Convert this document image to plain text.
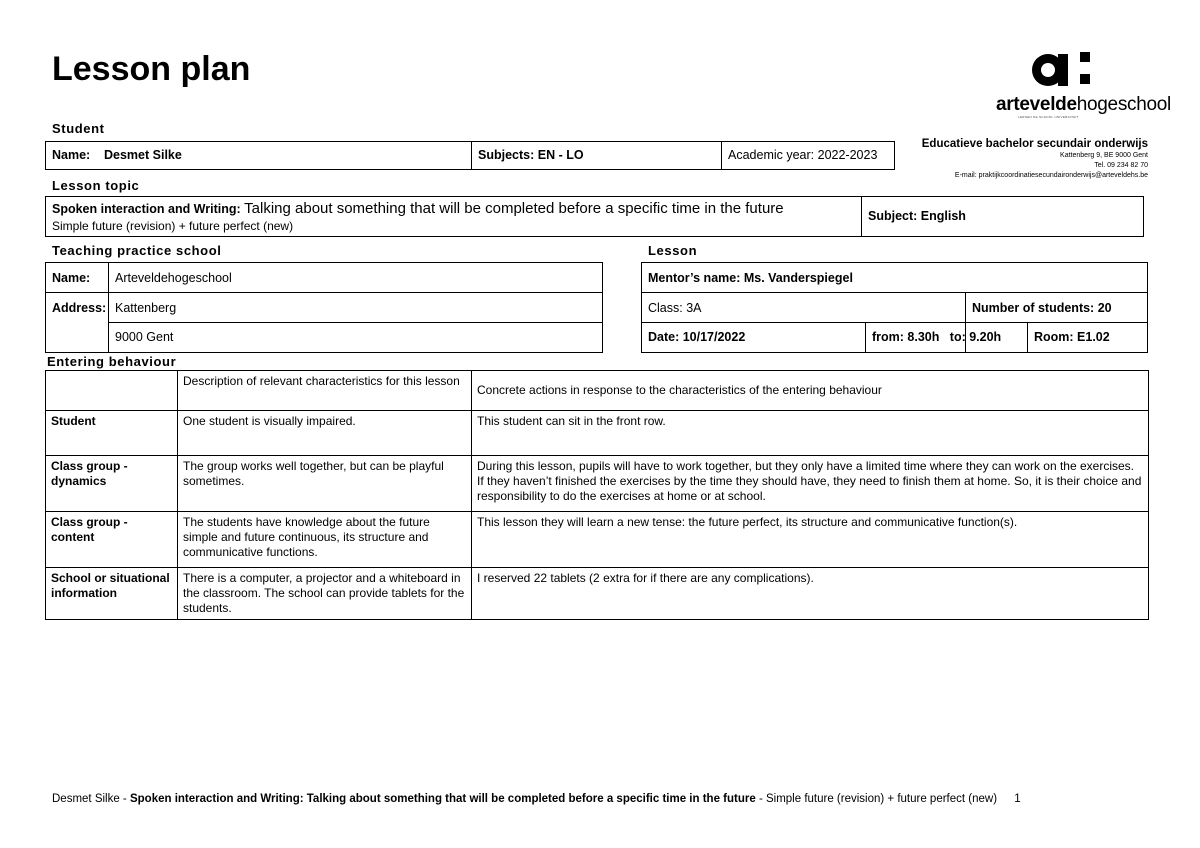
Lesson plan
arteveldehogeschool
LERNEN DE SCHOOL UNIVERSITEIT
Educatieve bachelor secundair onderwijs
Kattenberg 9, BE 9000 Gent
Tel. 09 234 82 70
E-mail: praktijkcoordinatiesecundaironderwijs@arteveldehs.be
Student
Name:	Desmet Silke	Subjects: EN - LO	Academic year: 2022-2023
Lesson topic
Spoken interaction and Writing: Talking about something that will be completed before a specific time in the future
Simple future (revision) + future perfect (new)
Subject: English
Teaching practice school
Name:	Arteveldehogeschool
Address: Kattenberg
9000 Gent
Lesson
Mentor’s name: Ms. Vanderspiegel
Class: 3A	Number of students: 20
Date: 10/17/2022	from: 8.30h   to: 9.20h	Room: E1.02
Entering behaviour
	Description of relevant characteristics for this lesson	Concrete actions in response to the characteristics of the entering behaviour
Student	One student is visually impaired.	This student can sit in the front row.
Class group - dynamics	The group works well together, but can be playful sometimes.	During this lesson, pupils will have to work together, but they only have a limited time where they can work on the exercises. If they haven’t finished the exercises by the time they should have, they need to finish them at home. So, it is their choice and responsibility to do the exercises at home or at school.
Class group - content	The students have knowledge about the future simple and future continuous, its structure and communicative functions.	This lesson they will learn a new tense: the future perfect, its structure and communicative function(s).
School or situational information	There is a computer, a projector and a whiteboard in the classroom. The school can provide tablets for the students.	I reserved 22 tablets (2 extra for if there are any complications).
Desmet Silke - Spoken interaction and Writing: Talking about something that will be completed before a specific time in the future - Simple future (revision) + future perfect (new) 1
